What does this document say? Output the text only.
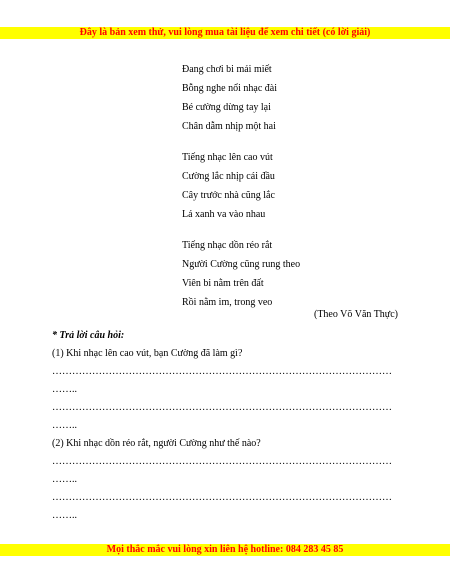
Đây là bản xem thử, vui lòng mua tài liệu để xem chi tiết (có lời giải)
Đang chơi bi mải miết
Bỗng nghe nổi nhạc đài
Bé cường dừng tay lại
Chân dẫm nhịp một hai
Tiếng nhạc lên cao vút
Cường lắc nhịp cái đầu
Cây trước nhà cũng lắc
Lá xanh va vào nhau
Tiếng nhạc dồn réo rắt
Người Cường cũng rung theo
Viên bi nằm trên đất
Rồi nằm im, trong veo
(Theo Võ Văn Thực)
* Trả lời câu hỏi:
(1) Khi nhạc lên cao vút, bạn Cường đã làm gì?
…………………………………………………………………………………………
……..
…………………………………………………………………………………………
……..
(2) Khi nhạc dồn réo rắt, người Cường như thế nào?
…………………………………………………………………………………………
……..
…………………………………………………………………………………………
……..
Mọi thắc mắc vui lòng xin liên hệ hotline: 084 283 45 85
